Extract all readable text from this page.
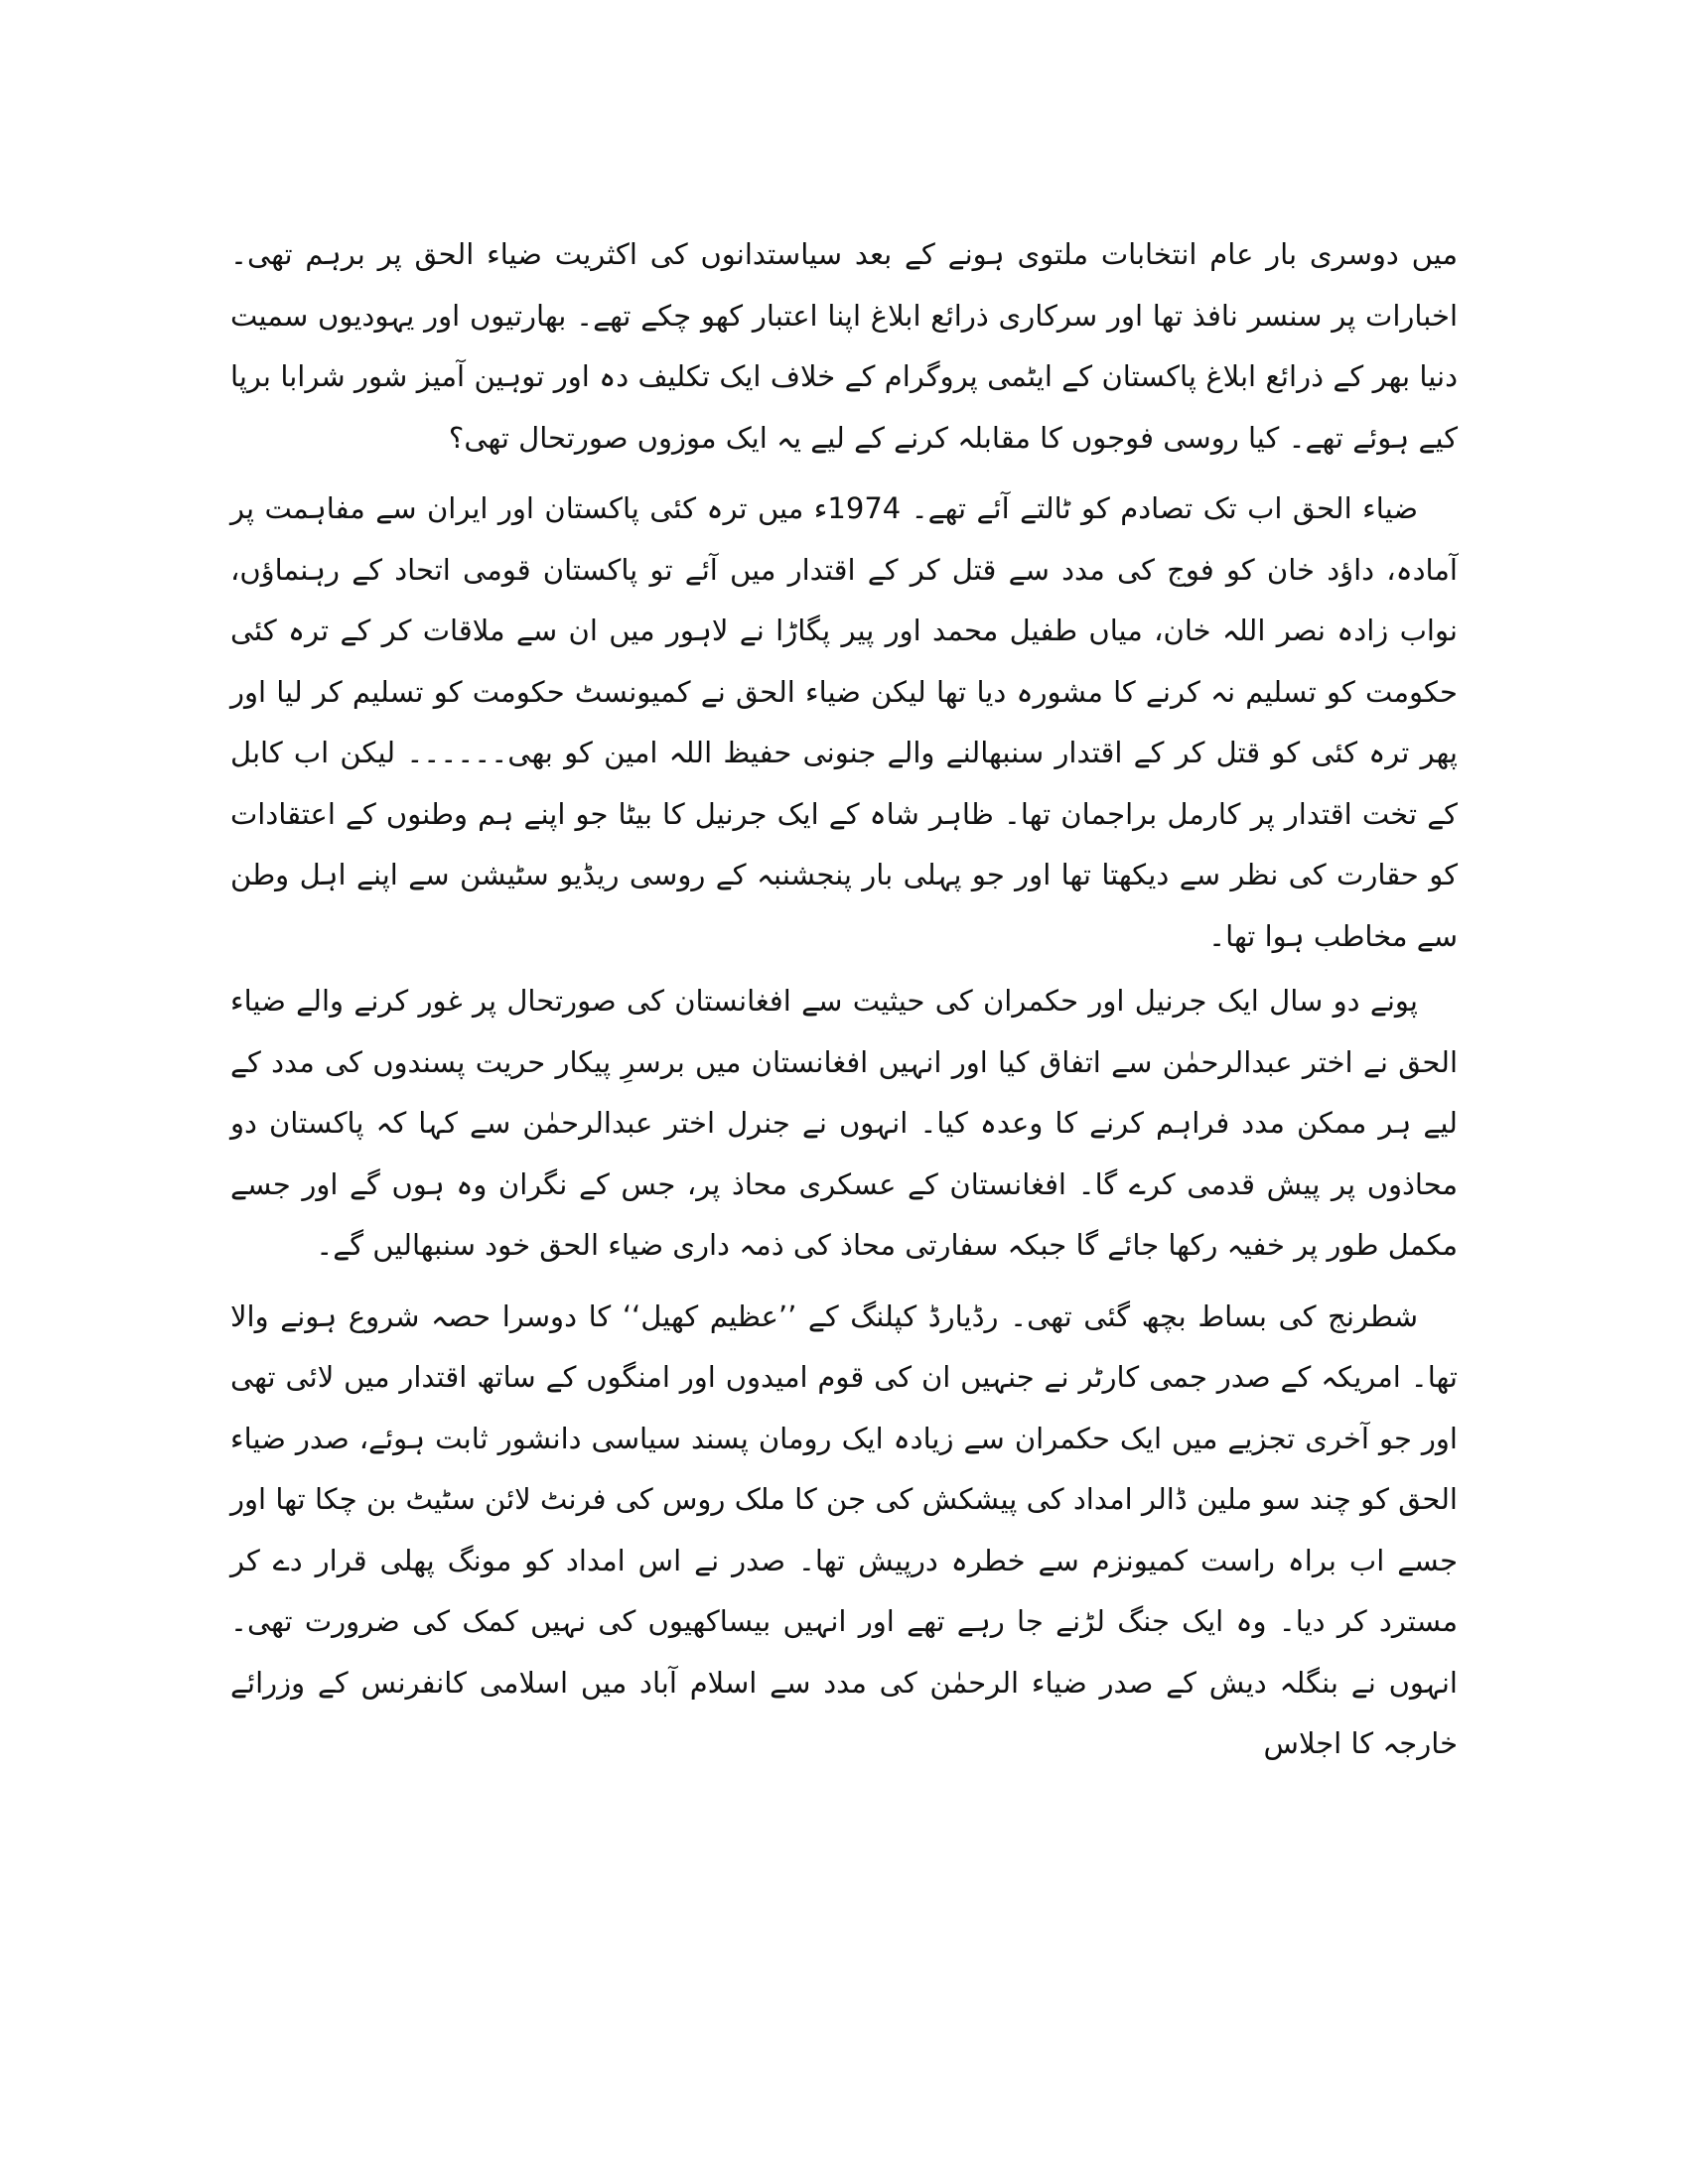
میں دوسری بار عام انتخابات ملتوی ہونے کے بعد سیاستدانوں کی اکثریت ضیاء الحق پر برہم تھی۔ اخبارات پر سنسر نافذ تھا اور سرکاری ذرائع ابلاغ اپنا اعتبار کھو چکے تھے۔ بھارتیوں اور یہودیوں سمیت دنیا بھر کے ذرائع ابلاغ پاکستان کے ایٹمی پروگرام کے خلاف ایک تکلیف دہ اور توہین آمیز شور شرابا برپا کیے ہوئے تھے۔ کیا روسی فوجوں کا مقابلہ کرنے کے لیے یہ ایک موزوں صورتحال تھی؟

ضیاء الحق اب تک تصادم کو ٹالتے آئے تھے۔ 1974ء میں ترہ کئی پاکستان اور ایران سے مفاہمت پر آمادہ، داؤد خان کو فوج کی مدد سے قتل کر کے اقتدار میں آئے تو پاکستان قومی اتحاد کے رہنماؤں، نواب زادہ نصر اللہ خان، میاں طفیل محمد اور پیر پگاڑا نے لاہور میں ان سے ملاقات کر کے ترہ کئی حکومت کو تسلیم نہ کرنے کا مشورہ دیا تھا لیکن ضیاء الحق نے کمیونسٹ حکومت کو تسلیم کر لیا اور پھر ترہ کئی کو قتل کر کے اقتدار سنبھالنے والے جنونی حفیظ اللہ امین کو بھی۔۔۔۔۔۔ لیکن اب کابل کے تخت اقتدار پر کارمل براجمان تھا۔ ظاہر شاہ کے ایک جرنیل کا بیٹا جو اپنے ہم وطنوں کے اعتقادات کو حقارت کی نظر سے دیکھتا تھا اور جو پہلی بار پنجشنبہ کے روسی ریڈیو سٹیشن سے اپنے اہل وطن سے مخاطب ہوا تھا۔

پونے دو سال ایک جرنیل اور حکمران کی حیثیت سے افغانستان کی صورتحال پر غور کرنے والے ضیاء الحق نے اختر عبدالرحمٰن سے اتفاق کیا اور انہیں افغانستان میں برسرِ پیکار حریت پسندوں کی مدد کے لیے ہر ممکن مدد فراہم کرنے کا وعدہ کیا۔ انہوں نے جنرل اختر عبدالرحمٰن سے کہا کہ پاکستان دو محاذوں پر پیش قدمی کرے گا۔ افغانستان کے عسکری محاذ پر، جس کے نگران وہ ہوں گے اور جسے مکمل طور پر خفیہ رکھا جائے گا جبکہ سفارتی محاذ کی ذمہ داری ضیاء الحق خود سنبھالیں گے۔

شطرنج کی بساط بچھ گئی تھی۔ رڈیارڈ کپلنگ کے ’’عظیم کھیل‘‘ کا دوسرا حصہ شروع ہونے والا تھا۔ امریکہ کے صدر جمی کارٹر نے جنہیں ان کی قوم امیدوں اور امنگوں کے ساتھ اقتدار میں لائی تھی اور جو آخری تجزیے میں ایک حکمران سے زیادہ ایک رومان پسند سیاسی دانشور ثابت ہوئے، صدر ضیاء الحق کو چند سو ملین ڈالر امداد کی پیشکش کی جن کا ملک روس کی فرنٹ لائن سٹیٹ بن چکا تھا اور جسے اب براہ راست کمیونزم سے خطرہ درپیش تھا۔ صدر نے اس امداد کو مونگ پھلی قرار دے کر مسترد کر دیا۔ وہ ایک جنگ لڑنے جا رہے تھے اور انہیں بیساکھیوں کی نہیں کمک کی ضرورت تھی۔ انہوں نے بنگلہ دیش کے صدر ضیاء الرحمٰن کی مدد سے اسلام آباد میں اسلامی کانفرنس کے وزرائے خارجہ کا اجلاس
